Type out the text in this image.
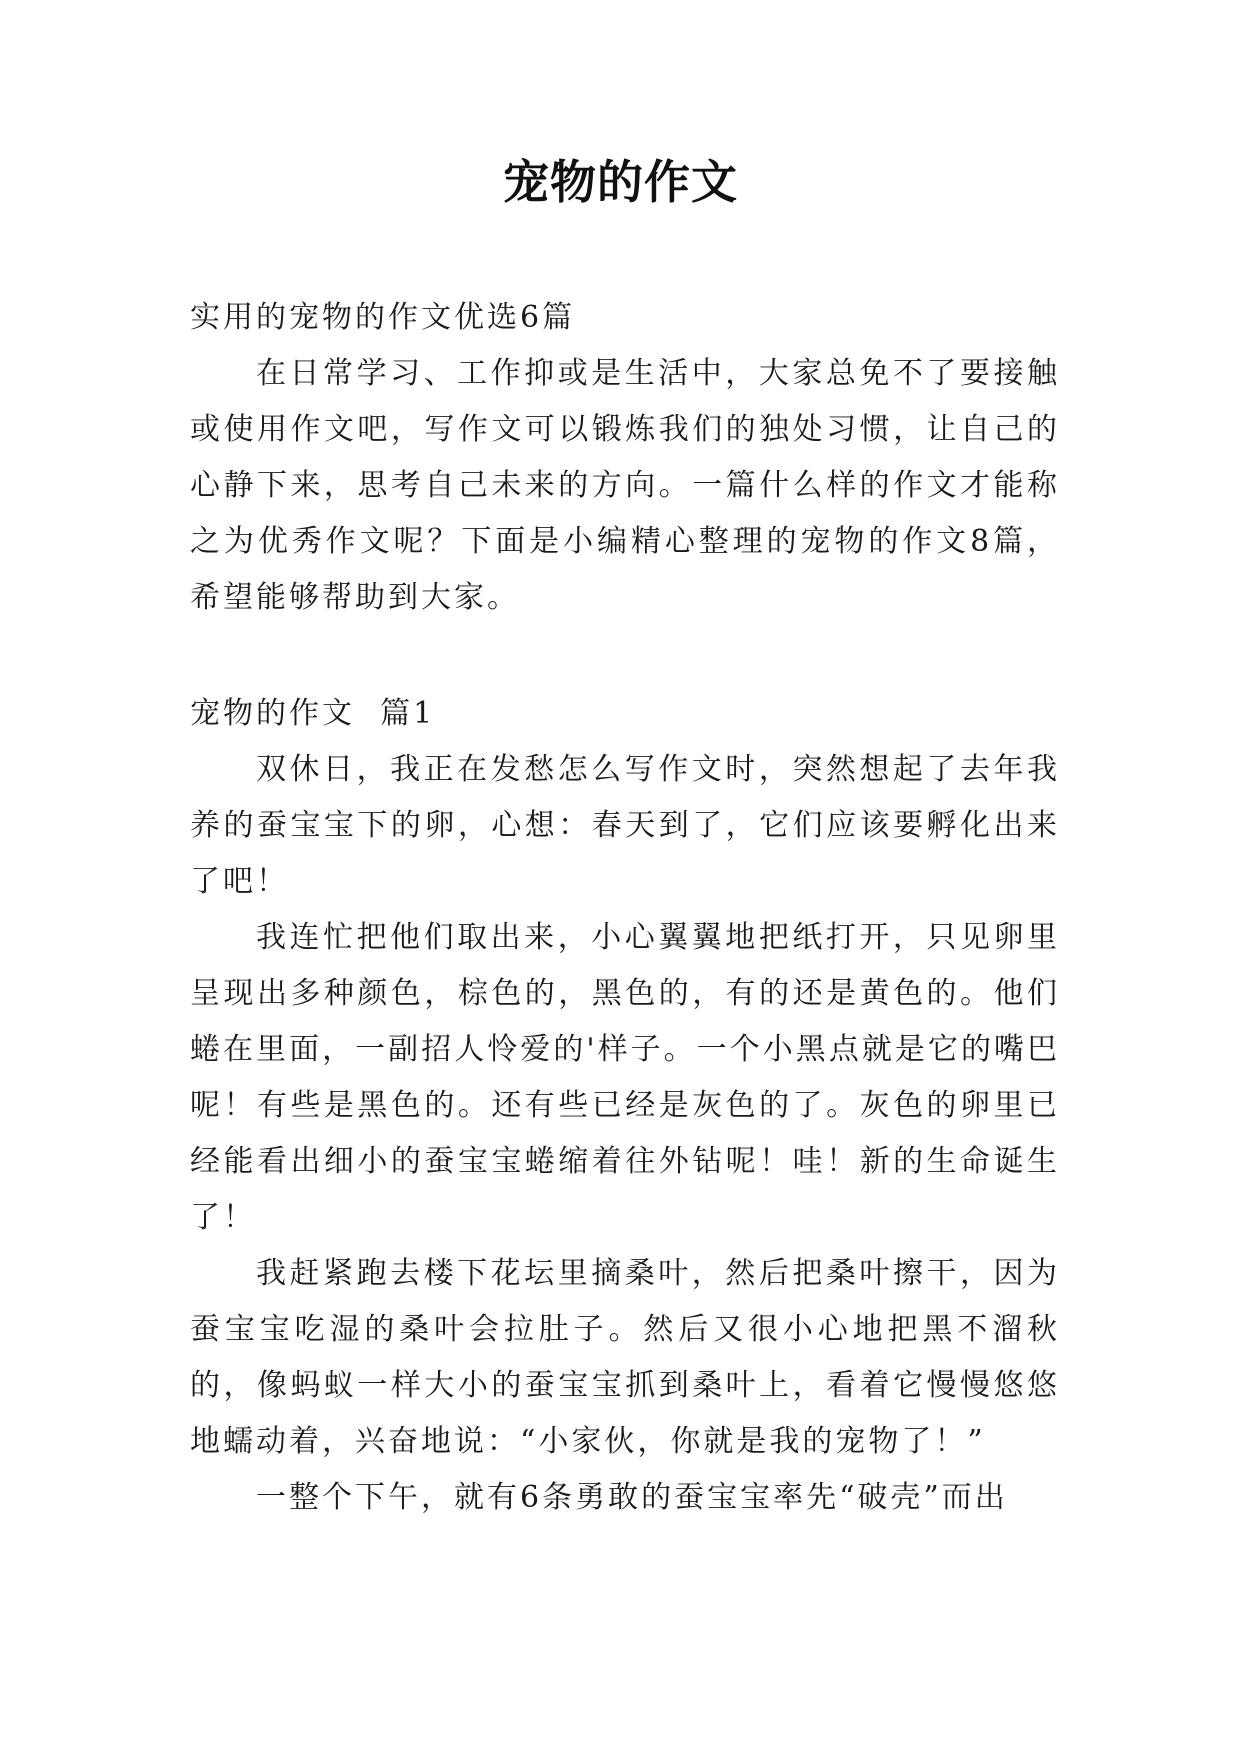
宠物的作文

实用的宠物的作文优选6篇

在日常学习、工作抑或是生活中，大家总免不了要接触或使用作文吧，写作文可以锻炼我们的独处习惯，让自己的心静下来，思考自己未来的方向。一篇什么样的作文才能称之为优秀作文呢？下面是小编精心整理的宠物的作文8篇，希望能够帮助到大家。

宠物的作文  篇1

双休日，我正在发愁怎么写作文时，突然想起了去年我养的蚕宝宝下的卵，心想：春天到了，它们应该要孵化出来了吧！

我连忙把他们取出来，小心翼翼地把纸打开，只见卵里呈现出多种颜色，棕色的，黑色的，有的还是黄色的。他们蜷在里面，一副招人怜爱的'样子。一个小黑点就是它的嘴巴呢！有些是黑色的。还有些已经是灰色的了。灰色的卵里已经能看出细小的蚕宝宝蜷缩着往外钻呢！哇！新的生命诞生了！

我赶紧跑去楼下花坛里摘桑叶，然后把桑叶擦干，因为蚕宝宝吃湿的桑叶会拉肚子。然后又很小心地把黑不溜秋的，像蚂蚁一样大小的蚕宝宝抓到桑叶上，看着它慢慢悠悠地蠕动着，兴奋地说：“小家伙，你就是我的宠物了！”

一整个下午，就有6条勇敢的蚕宝宝率先“破壳”而出
